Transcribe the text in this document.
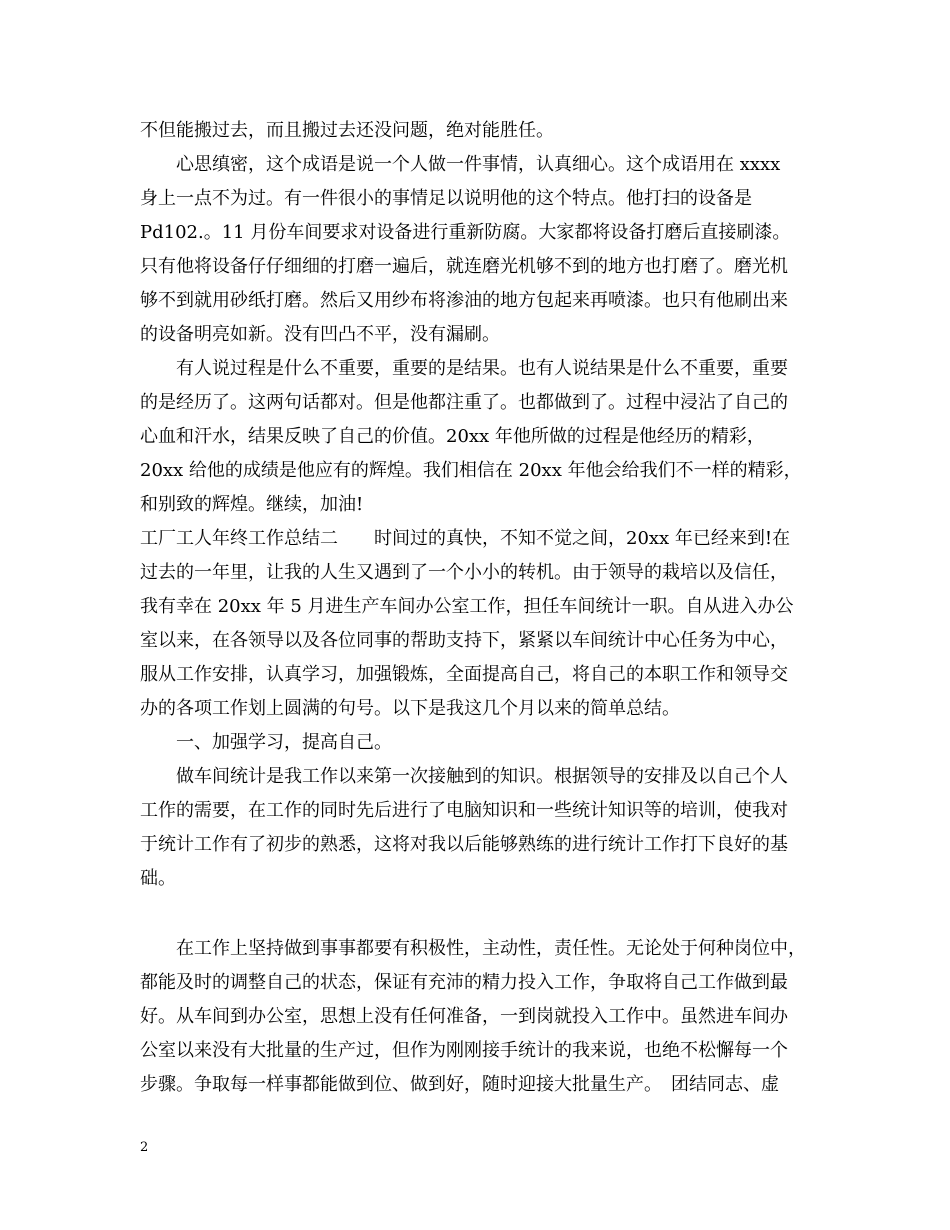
不但能搬过去，而且搬过去还没问题，绝对能胜任。
心思缜密，这个成语是说一个人做一件事情，认真细心。这个成语用在 xxxx
身上一点不为过。有一件很小的事情足以说明他的这个特点。他打扫的设备是
Pd102.。11 月份车间要求对设备进行重新防腐。大家都将设备打磨后直接刷漆。
只有他将设备仔仔细细的打磨一遍后，就连磨光机够不到的地方也打磨了。磨光机
够不到就用砂纸打磨。然后又用纱布将渗油的地方包起来再喷漆。也只有他刷出来
的设备明亮如新。没有凹凸不平，没有漏刷。
有人说过程是什么不重要，重要的是结果。也有人说结果是什么不重要，重要
的是经历了。这两句话都对。但是他都注重了。也都做到了。过程中浸沾了自己的
心血和汗水，结果反映了自己的价值。20xx 年他所做的过程是他经历的精彩，
20xx 给他的成绩是他应有的辉煌。我们相信在 20xx 年他会给我们不一样的精彩，
和别致的辉煌。继续，加油!
工厂工人年终工作总结二　　时间过的真快，不知不觉之间，20xx 年已经来到!在
过去的一年里，让我的人生又遇到了一个小小的转机。由于领导的栽培以及信任，
我有幸在 20xx 年 5 月进生产车间办公室工作，担任车间统计一职。自从进入办公
室以来，在各领导以及各位同事的帮助支持下，紧紧以车间统计中心任务为中心，
服从工作安排，认真学习，加强锻炼，全面提高自己，将自己的本职工作和领导交
办的各项工作划上圆满的句号。以下是我这几个月以来的简单总结。
一、加强学习，提高自己。
做车间统计是我工作以来第一次接触到的知识。根据领导的安排及以自己个人
工作的需要，在工作的同时先后进行了电脑知识和一些统计知识等的培训，使我对
于统计工作有了初步的熟悉，这将对我以后能够熟练的进行统计工作打下良好的基
础。
在工作上坚持做到事事都要有积极性，主动性，责任性。无论处于何种岗位中，
都能及时的调整自己的状态，保证有充沛的精力投入工作，争取将自己工作做到最
好。从车间到办公室，思想上没有任何准备，一到岗就投入工作中。虽然进车间办
公室以来没有大批量的生产过，但作为刚刚接手统计的我来说，也绝不松懈每一个
步骤。争取每一样事都能做到位、做到好，随时迎接大批量生产。　团结同志、虚
2
